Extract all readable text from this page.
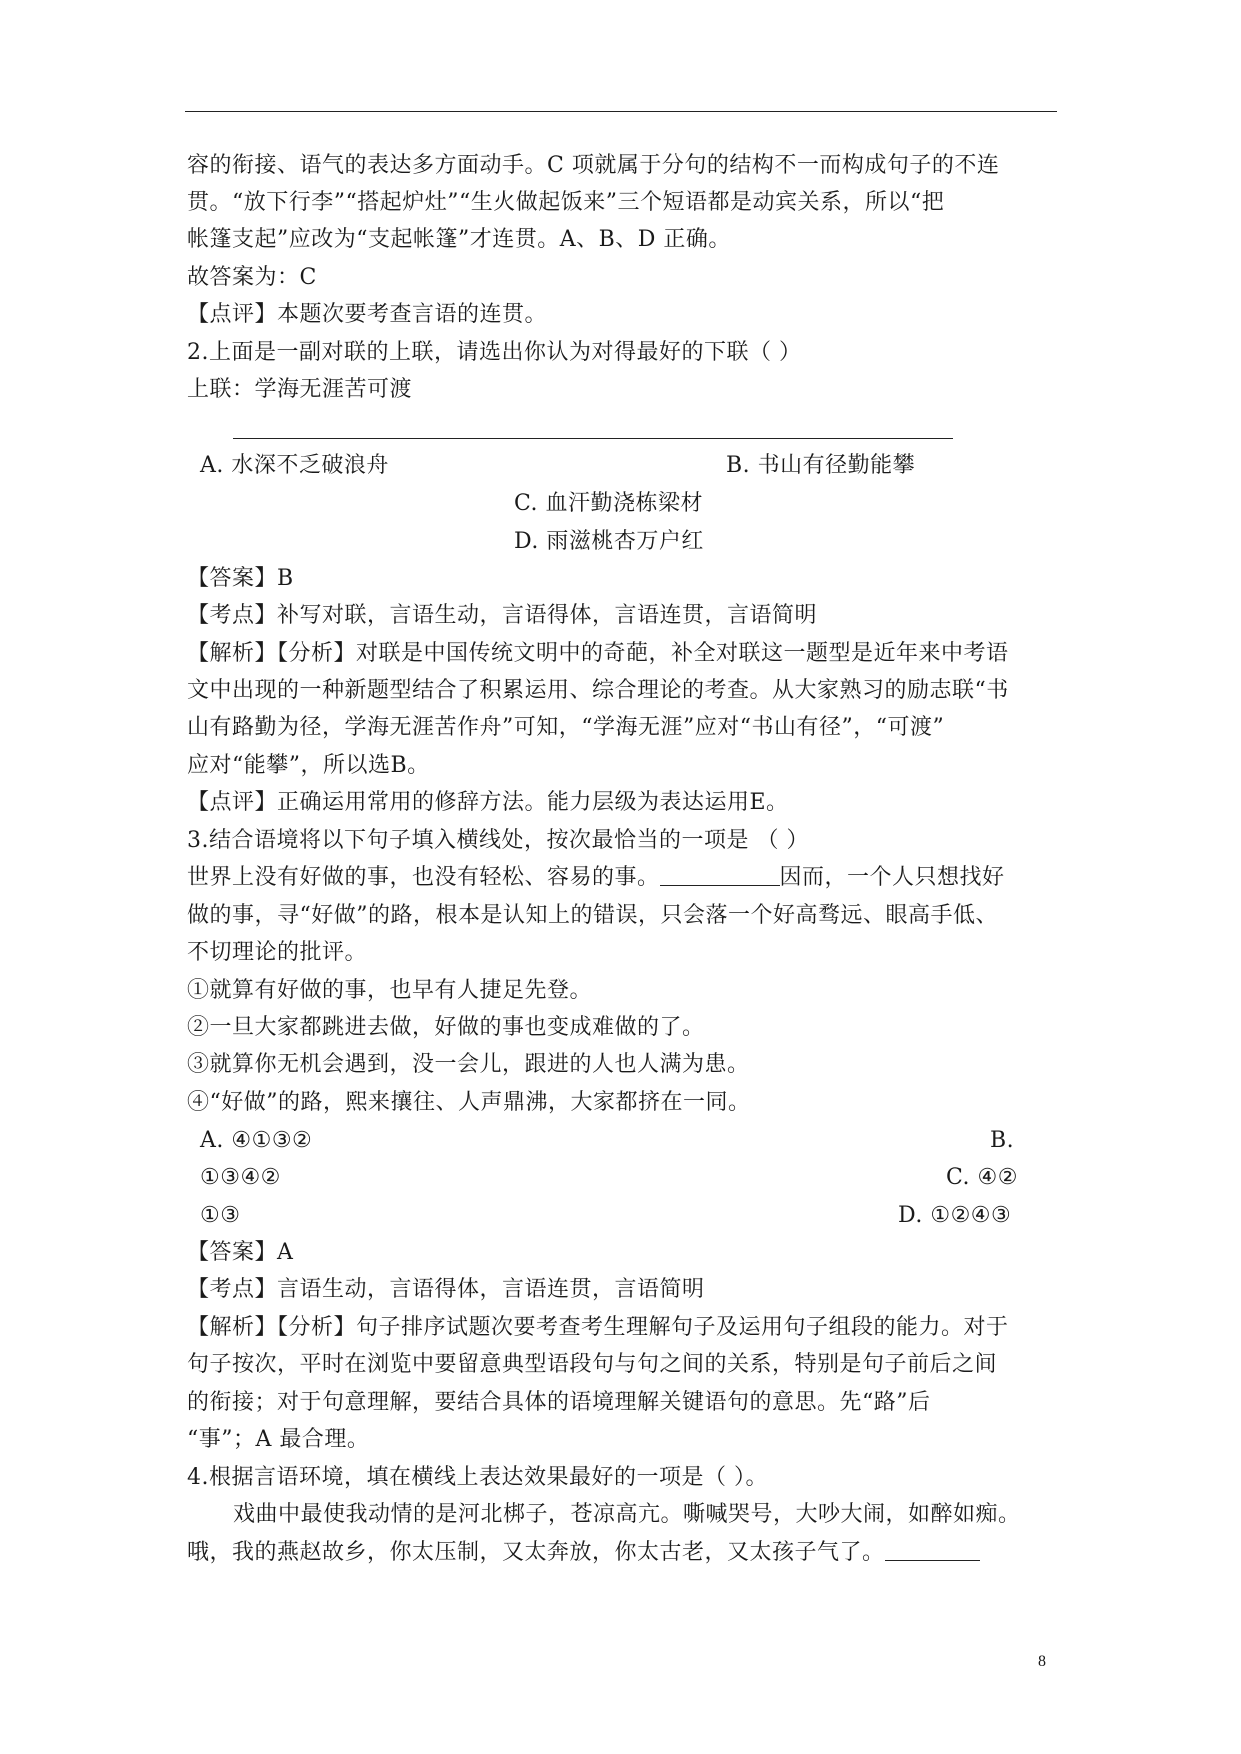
容的衔接、语气的表达多方面动手。C 项就属于分句的结构不一而构成句子的不连
贯。“放下行李”“搭起炉灶”“生火做起饭来”三个短语都是动宾关系，所以“把
帐篷支起”应改为“支起帐篷”才连贯。A、B、D 正确。
故答案为：C
【点评】本题次要考查言语的连贯。
2.上面是一副对联的上联，请选出你认为对得最好的下联（ ）
上联：学海无涯苦可渡
A. 水深不乏破浪舟	B. 书山有径勤能攀
C. 血汗勤浇栋梁材
D. 雨滋桃杏万户红
【答案】B
【考点】补写对联，言语生动，言语得体，言语连贯，言语简明
【解析】【分析】对联是中国传统文明中的奇葩，补全对联这一题型是近年来中考语
文中出现的一种新题型结合了积累运用、综合理论的考查。从大家熟习的励志联“书
山有路勤为径，学海无涯苦作舟”可知，“学海无涯”应对“书山有径”，“可渡”
应对“能攀”，所以选B。
【点评】正确运用常用的修辞方法。能力层级为表达运用E。
3.结合语境将以下句子填入横线处，按次最恰当的一项是 （ ）
世界上没有好做的事，也没有轻松、容易的事。	因而，一个人只想找好
做的事，寻“好做”的路，根本是认知上的错误，只会落一个好高骛远、眼高手低、
不切理论的批评。
①就算有好做的事，也早有人捷足先登。
②一旦大家都跳进去做，好做的事也变成难做的了。
③就算你无机会遇到，没一会儿，跟进的人也人满为患。
④“好做”的路，熙来攘往、人声鼎沸，大家都挤在一同。
A. ④①③②	B.
①③④②	C. ④②
①③	D. ①②④③
【答案】A
【考点】言语生动，言语得体，言语连贯，言语简明
【解析】【分析】句子排序试题次要考查考生理解句子及运用句子组段的能力。对于
句子按次，平时在浏览中要留意典型语段句与句之间的关系，特别是句子前后之间
的衔接；对于句意理解，要结合具体的语境理解关键语句的意思。先“路”后
“事”；A 最合理。
4.根据言语环境，填在横线上表达效果最好的一项是（ ）。
戏曲中最使我动情的是河北梆子，苍凉高亢。嘶喊哭号，大吵大闹，如醉如痴。
哦，我的燕赵故乡，你太压制，又太奔放，你太古老，又太孩子气了。
8
